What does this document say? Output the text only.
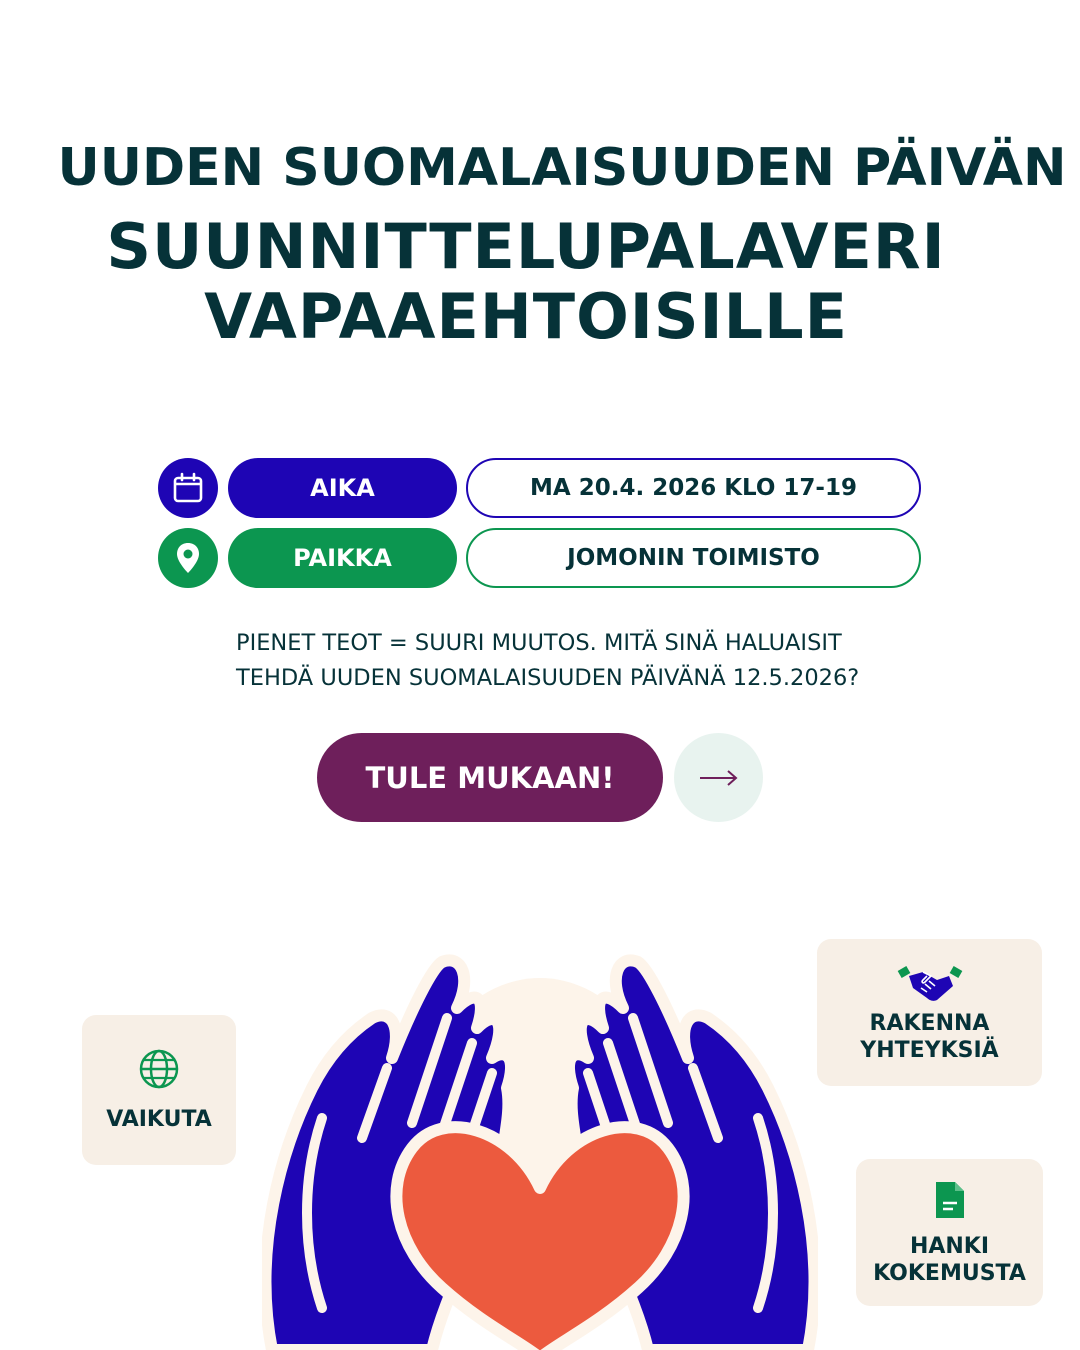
UUDEN SUOMALAISUUDEN PÄIVÄN
SUUNNITTELUPALAVERI
VAPAAEHTOISILLE
AIKA	MA 20.4. 2026 KLO 17-19
PAIKKA	JOMONIN TOIMISTO

PIENET TEOT = SUURI MUUTOS. MITÄ SINÄ HALUAISIT
TEHDÄ UUDEN SUOMALAISUUDEN PÄIVÄNÄ 12.5.2026?

TULE MUKAAN!
VAIKUTA
RAKENNA
YHTEYKSIÄ
HANKI
KOKEMUSTA
